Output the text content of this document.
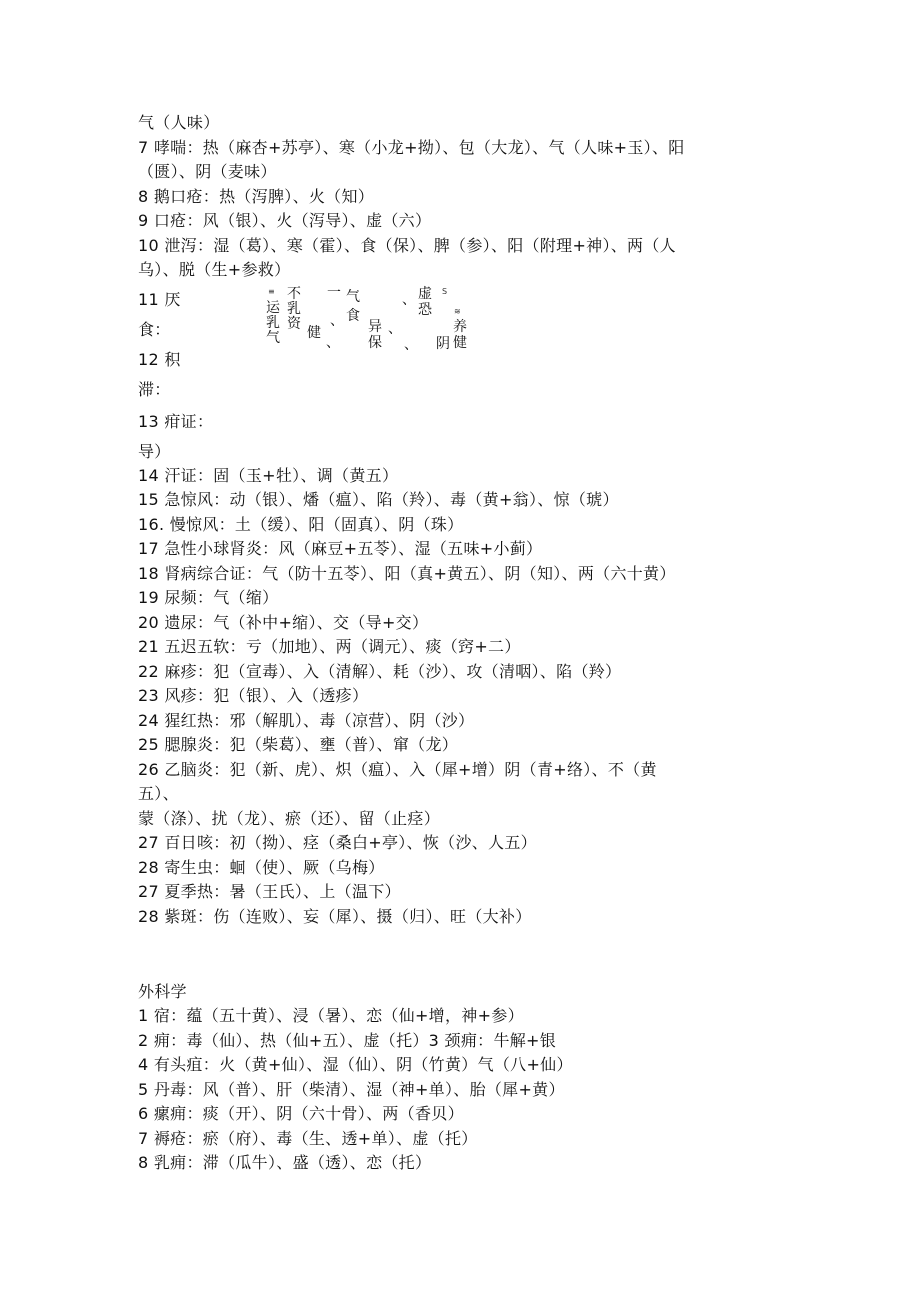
气（人味）
7 哮喘：热（麻杏+苏亭）、寒（小龙+拗）、包（大龙）、气（人味+玉）、阳
（匮）、阴（麦味）
8 鹅口疮：热（泻脾）、火（知）
9 口疮：风（银）、火（泻导）、虚（六）
10 泄泻：湿（葛）、寒（霍）、食（保）、脾（参）、阳（附理+神）、两（人
乌）、脱（生+参救）
11 厌
食：
12 积
滞：
13 疳证：
导）
≡
运
乳
气
不
乳
资
一
健
、
气
、 食
异
保
、
虚
恐
、
、
S
≋
养
阴 健
14 汗证：固（玉+牡）、调（黄五）
15 急惊风：动（银）、燔（瘟）、陷（羚）、毒（黄+翁）、惊（琥）
16. 慢惊风：土（缓）、阳（固真）、阴（珠）
17 急性小球肾炎：风（麻豆+五苓）、湿（五味+小蓟）
18 肾病综合证：气（防十五苓）、阳（真+黄五）、阴（知）、两（六十黄）
19 尿频：气（缩）
20 遗尿：气（补中+缩）、交（导+交）
21 五迟五软：亏（加地）、两（调元）、痰（窍+二）
22 麻疹：犯（宣毒）、入（清解）、耗（沙）、攻（清咽）、陷（羚）
23 风疹：犯（银）、入（透疹）
24 猩红热：邪（解肌）、毒（凉营）、阴（沙）
25 腮腺炎：犯（柴葛）、壅（普）、窜（龙）
26 乙脑炎：犯（新、虎）、炽（瘟）、入（犀+增）阴（青+络）、不（黄
五）、
蒙（涤）、扰（龙）、瘀（还）、留（止痉）
27 百日咳：初（拗）、痉（桑白+亭）、恢（沙、人五）
28 寄生虫：蛔（使）、厥（乌梅）
27 夏季热：暑（王氏）、上（温下）
28 紫斑：伤（连败）、妄（犀）、摄（归）、旺（大补）
外科学
1 宿：蕴（五十黄）、浸（暑）、恋（仙+增，神+参）
2 痈：毒（仙）、热（仙+五）、虚（托）3 颈痈：牛解+银
4 有头疽：火（黄+仙）、湿（仙）、阴（竹黄）气（八+仙）
5 丹毒：风（普）、肝（柴清）、湿（神+单）、胎（犀+黄）
6 瘰痈：痰（开）、阴（六十骨）、两（香贝）
7 褥疮：瘀（府）、毒（生、透+单）、虚（托）
8 乳痈：滞（瓜牛）、盛（透）、恋（托）
